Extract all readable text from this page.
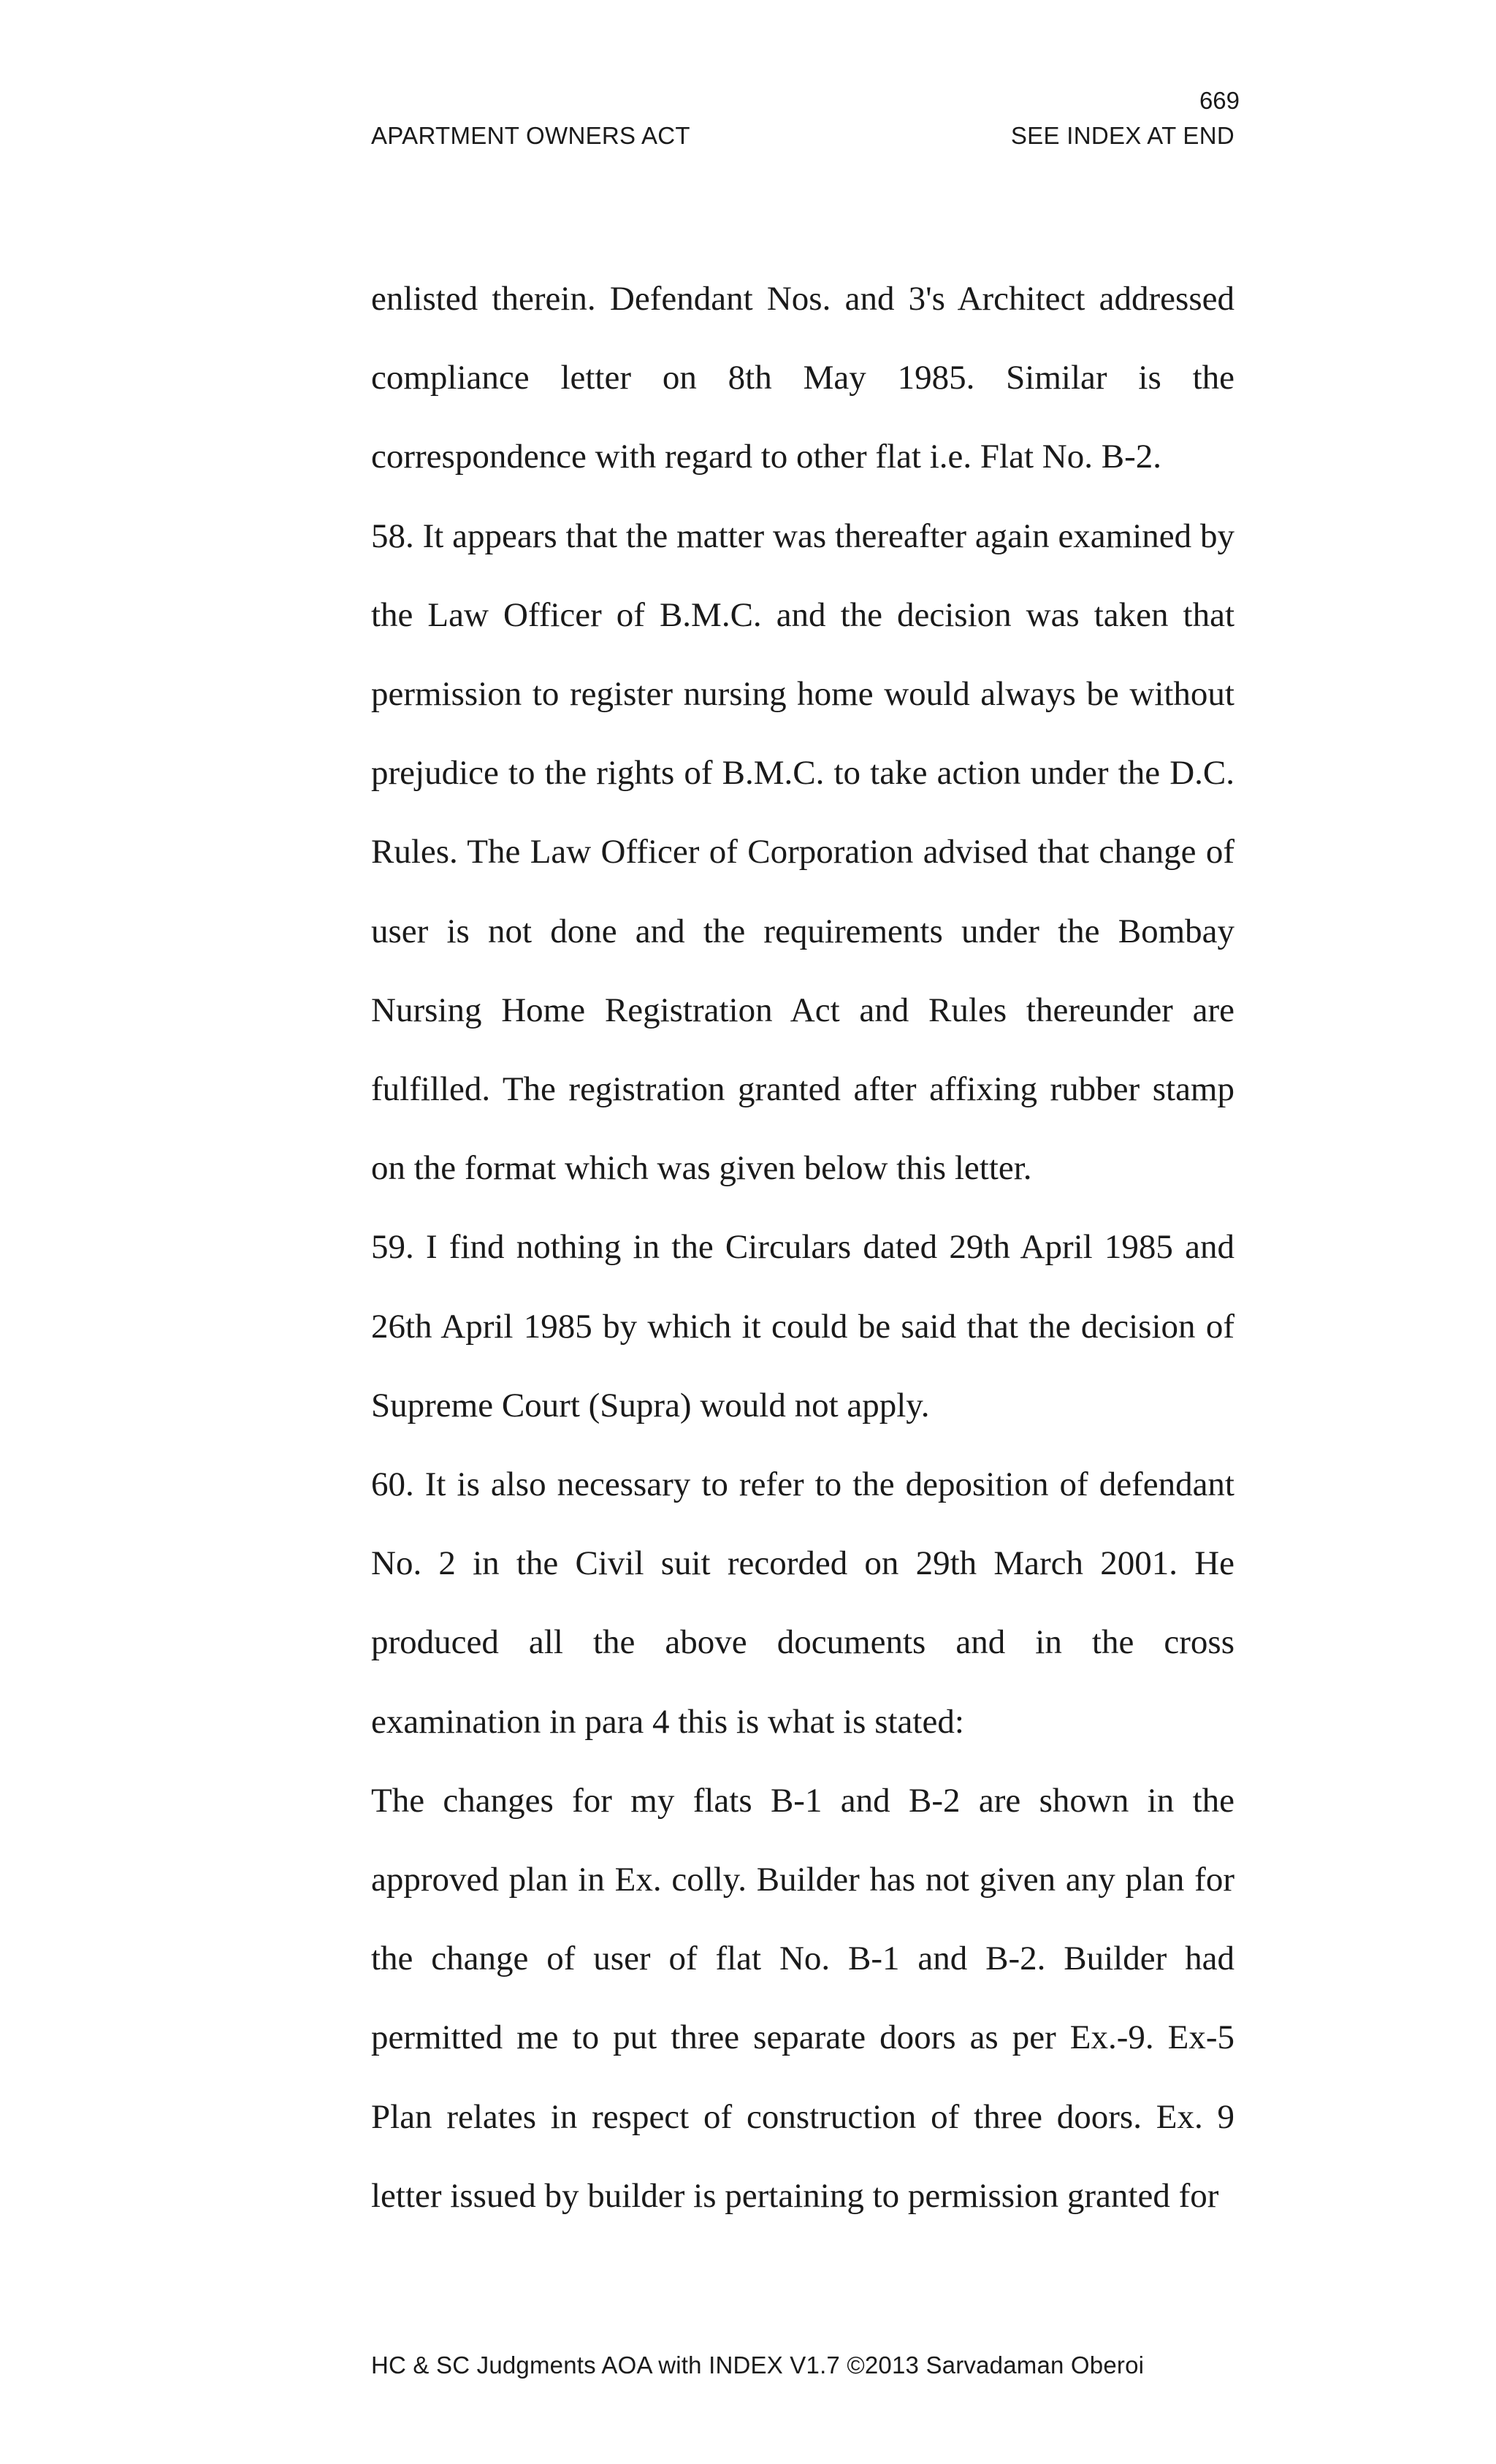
669
APARTMENT OWNERS ACT	SEE INDEX AT END

enlisted therein. Defendant Nos. and 3's Architect addressed compliance letter on 8th May 1985. Similar is the correspondence with regard to other flat i.e. Flat No. B-2.

58. It appears that the matter was thereafter again examined by the Law Officer of B.M.C. and the decision was taken that permission to register nursing home would always be without prejudice to the rights of B.M.C. to take action under the D.C. Rules. The Law Officer of Corporation advised that change of user is not done and the requirements under the Bombay Nursing Home Registration Act and Rules thereunder are fulfilled. The registration granted after affixing rubber stamp on the format which was given below this letter.

59. I find nothing in the Circulars dated 29th April 1985 and 26th April 1985 by which it could be said that the decision of Supreme Court (Supra) would not apply.

60. It is also necessary to refer to the deposition of defendant No. 2 in the Civil suit recorded on 29th March 2001. He produced all the above documents and in the cross examination in para 4 this is what is stated:

The changes for my flats B-1 and B-2 are shown in the approved plan in Ex. colly. Builder has not given any plan for the change of user of flat No. B-1 and B-2. Builder had permitted me to put three separate doors as per Ex.-9. Ex-5 Plan relates in respect of construction of three doors. Ex. 9 letter issued by builder is pertaining to permission granted for

HC & SC Judgments AOA with INDEX V1.7 ©2013 Sarvadaman Oberoi
